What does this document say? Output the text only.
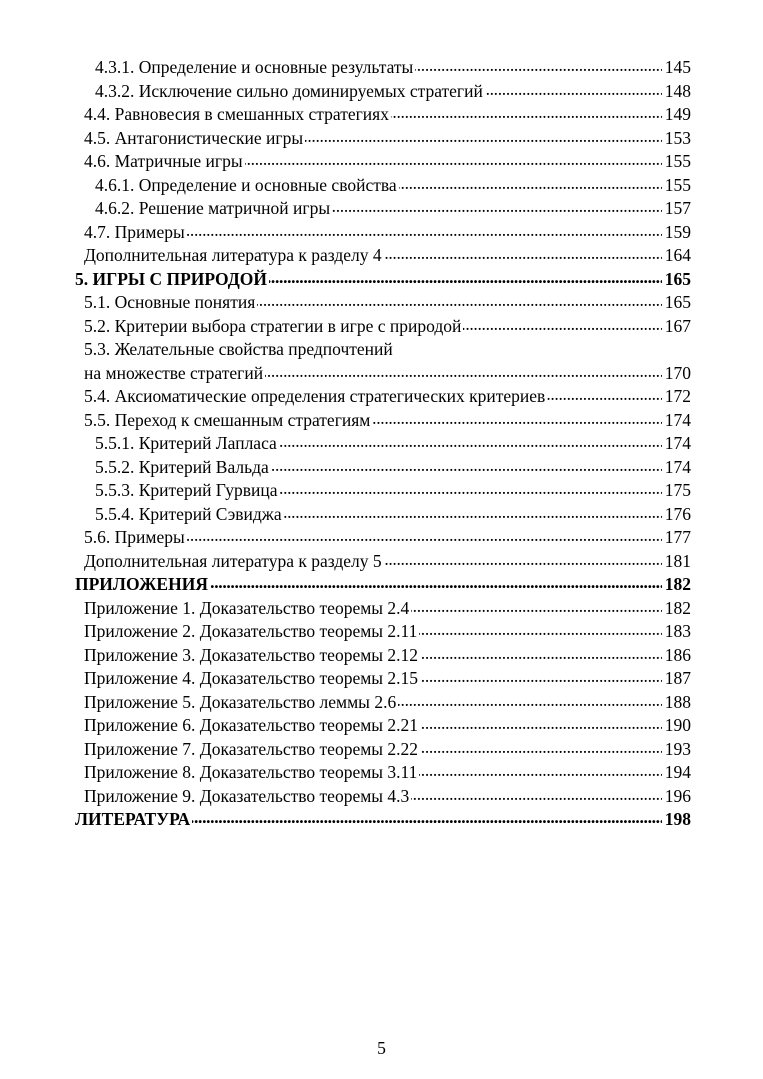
4.3.1. Определение и основные результаты . . .	145
4.3.2. Исключение сильно доминируемых стратегий . . .	148
4.4. Равновесия в смешанных стратегиях . . .	149
4.5. Антагонистические игры . . .	153
4.6. Матричные игры . . .	155
4.6.1. Определение и основные свойства . . .	155
4.6.2. Решение матричной игры . . .	157
4.7. Примеры . . .	159
Дополнительная литература к разделу 4 . . .	164
5. ИГРЫ С ПРИРОДОЙ . . .	165
5.1. Основные понятия . . .	165
5.2. Критерии выбора стратегии в игре с природой . . .	167
5.3. Желательные свойства предпочтений
на множестве стратегий . . .	170
5.4. Аксиоматические определения стратегических критериев . . .	172
5.5. Переход к смешанным стратегиям . . .	174
5.5.1. Критерий Лапласа . . .	174
5.5.2. Критерий Вальда . . .	174
5.5.3. Критерий Гурвица . . .	175
5.5.4. Критерий Сэвиджа . . .	176
5.6. Примеры . . .	177
Дополнительная литература к разделу 5 . . .	181
ПРИЛОЖЕНИЯ . . .	182
Приложение 1. Доказательство теоремы 2.4 . . .	182
Приложение 2. Доказательство теоремы 2.11 . . .	183
Приложение 3. Доказательство теоремы 2.12 . . .	186
Приложение 4. Доказательство теоремы 2.15 . . .	187
Приложение 5. Доказательство леммы 2.6 . . .	188
Приложение 6. Доказательство теоремы 2.21 . . .	190
Приложение 7. Доказательство теоремы 2.22 . . .	193
Приложение 8. Доказательство теоремы 3.11 . . .	194
Приложение 9. Доказательство теоремы 4.3 . . .	196
ЛИТЕРАТУРА . . .	198
5
